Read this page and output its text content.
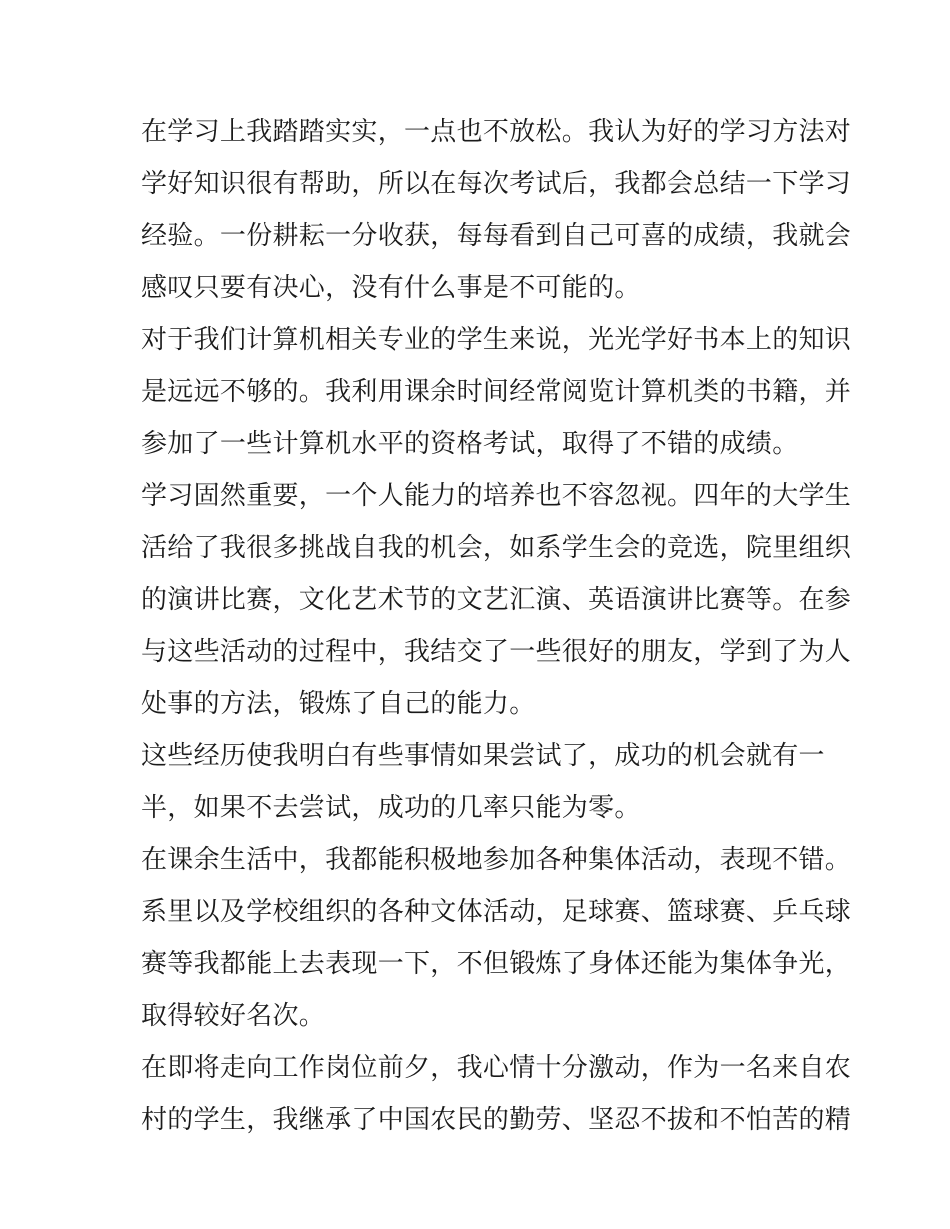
在学习上我踏踏实实，一点也不放松。我认为好的学习方法对
学好知识很有帮助，所以在每次考试后，我都会总结一下学习
经验。一份耕耘一分收获，每每看到自己可喜的成绩，我就会
感叹只要有决心，没有什么事是不可能的。
对于我们计算机相关专业的学生来说，光光学好书本上的知识
是远远不够的。我利用课余时间经常阅览计算机类的书籍，并
参加了一些计算机水平的资格考试，取得了不错的成绩。
学习固然重要，一个人能力的培养也不容忽视。四年的大学生
活给了我很多挑战自我的机会，如系学生会的竞选，院里组织
的演讲比赛，文化艺术节的文艺汇演、英语演讲比赛等。在参
与这些活动的过程中，我结交了一些很好的朋友，学到了为人
处事的方法，锻炼了自己的能力。
这些经历使我明白有些事情如果尝试了，成功的机会就有一
半，如果不去尝试，成功的几率只能为零。
在课余生活中，我都能积极地参加各种集体活动，表现不错。
系里以及学校组织的各种文体活动，足球赛、篮球赛、乒乓球
赛等我都能上去表现一下，不但锻炼了身体还能为集体争光，
取得较好名次。
在即将走向工作岗位前夕，我心情十分激动，作为一名来自农
村的学生，我继承了中国农民的勤劳、坚忍不拔和不怕苦的精
